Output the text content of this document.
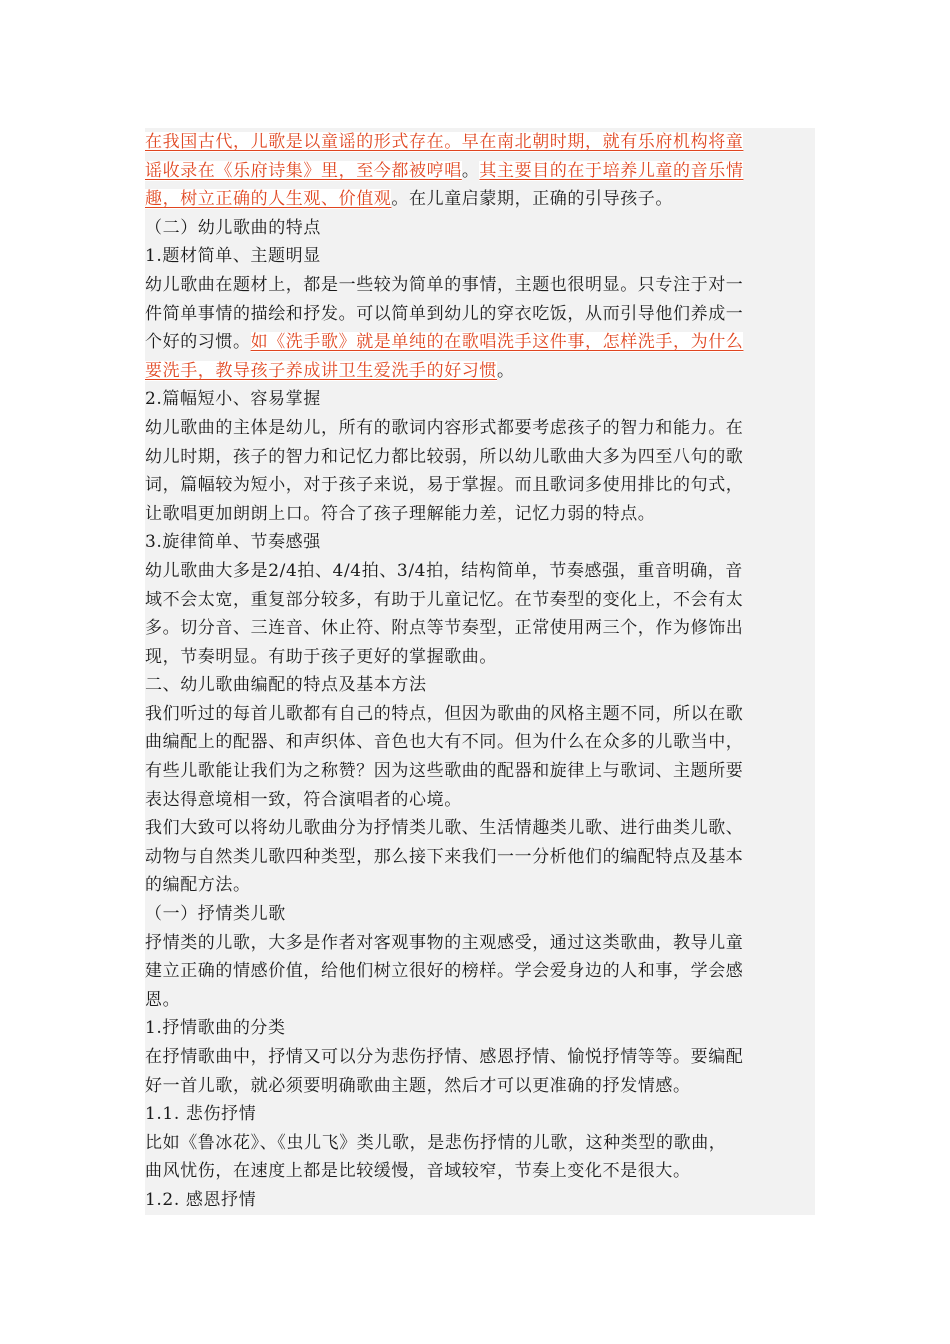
在我国古代，儿歌是以童谣的形式存在。早在南北朝时期，就有乐府机构将童
谣收录在《乐府诗集》里，至今都被哼唱。其主要目的在于培养儿童的音乐情
趣，树立正确的人生观、价值观。在儿童启蒙期，正确的引导孩子。
（二）幼儿歌曲的特点
1.题材简单、主题明显
幼儿歌曲在题材上，都是一些较为简单的事情，主题也很明显。只专注于对一
件简单事情的描绘和抒发。可以简单到幼儿的穿衣吃饭，从而引导他们养成一
个好的习惯。如《洗手歌》就是单纯的在歌唱洗手这件事，怎样洗手，为什么
要洗手，教导孩子养成讲卫生爱洗手的好习惯。
2.篇幅短小、容易掌握
幼儿歌曲的主体是幼儿，所有的歌词内容形式都要考虑孩子的智力和能力。在
幼儿时期，孩子的智力和记忆力都比较弱，所以幼儿歌曲大多为四至八句的歌
词，篇幅较为短小，对于孩子来说，易于掌握。而且歌词多使用排比的句式，
让歌唱更加朗朗上口。符合了孩子理解能力差，记忆力弱的特点。
3.旋律简单、节奏感强
幼儿歌曲大多是2/4拍、4/4拍、3/4拍，结构简单，节奏感强，重音明确，音
域不会太宽，重复部分较多，有助于儿童记忆。在节奏型的变化上，不会有太
多。切分音、三连音、休止符、附点等节奏型，正常使用两三个，作为修饰出
现，节奏明显。有助于孩子更好的掌握歌曲。
二、幼儿歌曲编配的特点及基本方法
我们听过的每首儿歌都有自己的特点，但因为歌曲的风格主题不同，所以在歌
曲编配上的配器、和声织体、音色也大有不同。但为什么在众多的儿歌当中，
有些儿歌能让我们为之称赞？因为这些歌曲的配器和旋律上与歌词、主题所要
表达得意境相一致，符合演唱者的心境。
我们大致可以将幼儿歌曲分为抒情类儿歌、生活情趣类儿歌、进行曲类儿歌、
动物与自然类儿歌四种类型，那么接下来我们一一分析他们的编配特点及基本
的编配方法。
（一）抒情类儿歌
抒情类的儿歌，大多是作者对客观事物的主观感受，通过这类歌曲，教导儿童
建立正确的情感价值，给他们树立很好的榜样。学会爱身边的人和事，学会感
恩。
1.抒情歌曲的分类
在抒情歌曲中，抒情又可以分为悲伤抒情、感恩抒情、愉悦抒情等等。要编配
好一首儿歌，就必须要明确歌曲主题，然后才可以更准确的抒发情感。
1.1. 悲伤抒情
比如《鲁冰花》、《虫儿飞》类儿歌，是悲伤抒情的儿歌，这种类型的歌曲，
曲风忧伤，在速度上都是比较缓慢，音域较窄，节奏上变化不是很大。
1.2. 感恩抒情
